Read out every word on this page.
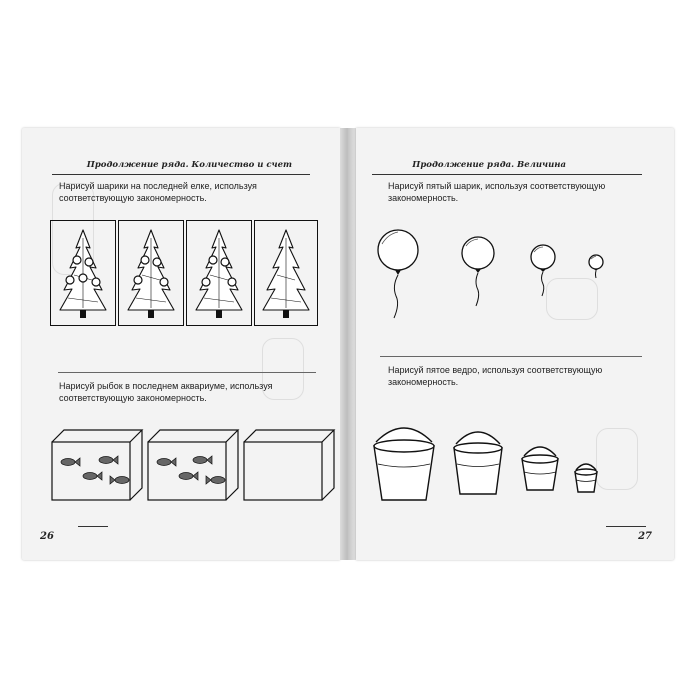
Продолжение ряда. Количество и счет
Нарисуй шарики на последней елке, используя соответствующую закономерность.
Нарисуй рыбок в последнем аквариуме, используя соответствующую закономерность.
26
Продолжение ряда. Величина
Нарисуй пятый шарик, используя соответствующую закономерность.
Нарисуй пятое ведро, используя соответствующую закономерность.
27
